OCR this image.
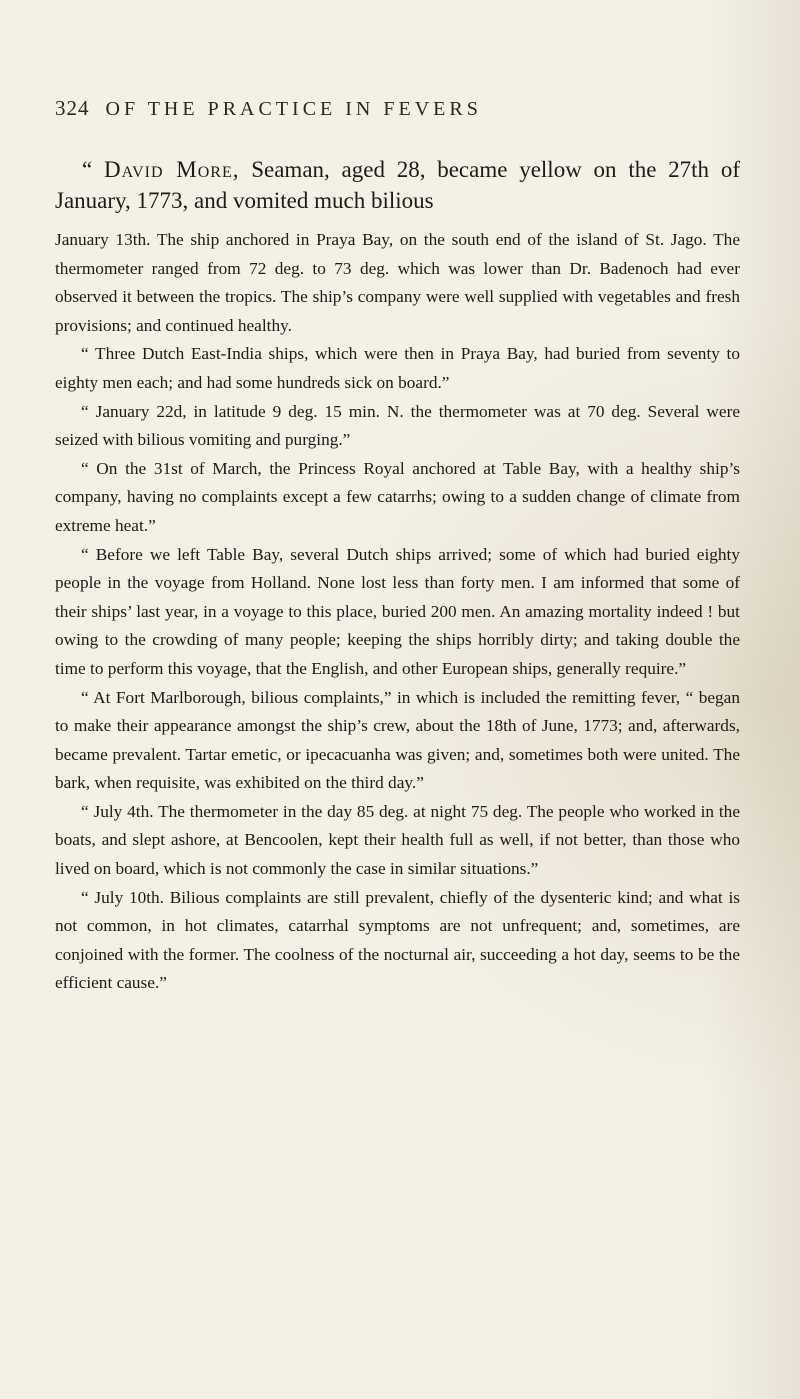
324 OF THE PRACTICE IN FEVERS

“ David More, Seaman, aged 28, became yellow on the 27th of January, 1773, and vomited much bilious

January 13th. The ship anchored in Praya Bay, on the south end of the island of St. Jago. The thermometer ranged from 72 deg. to 73 deg. which was lower than Dr. Badenoch had ever observed it between the tropics. The ship’s company were well supplied with vegetables and fresh provisions; and continued healthy.

“ Three Dutch East-India ships, which were then in Praya Bay, had buried from seventy to eighty men each; and had some hundreds sick on board.”

“ January 22d, in latitude 9 deg. 15 min. N. the thermometer was at 70 deg. Several were seized with bilious vomiting and purging.”

“ On the 31st of March, the Princess Royal anchored at Table Bay, with a healthy ship’s company, having no complaints except a few catarrhs; owing to a sudden change of climate from extreme heat.”

“ Before we left Table Bay, several Dutch ships arrived; some of which had buried eighty people in the voyage from Holland. None lost less than forty men. I am informed that some of their ships’ last year, in a voyage to this place, buried 200 men. An amazing mortality indeed ! but owing to the crowding of many people; keeping the ships horribly dirty; and taking double the time to perform this voyage, that the English, and other European ships, generally require.”

“ At Fort Marlborough, bilious complaints,” in which is included the remitting fever, “ began to make their appearance amongst the ship’s crew, about the 18th of June, 1773; and, afterwards, became prevalent. Tartar emetic, or ipecacuanha was given; and, sometimes both were united. The bark, when requisite, was exhibited on the third day.”

“ July 4th. The thermometer in the day 85 deg. at night 75 deg. The people who worked in the boats, and slept ashore, at Bencoolen, kept their health full as well, if not better, than those who lived on board, which is not commonly the case in similar situations.”

“ July 10th. Bilious complaints are still prevalent, chiefly of the dysenteric kind; and what is not common, in hot climates, catarrhal symptoms are not unfrequent; and, sometimes, are conjoined with the former. The coolness of the nocturnal air, succeeding a hot day, seems to be the efficient cause.”
